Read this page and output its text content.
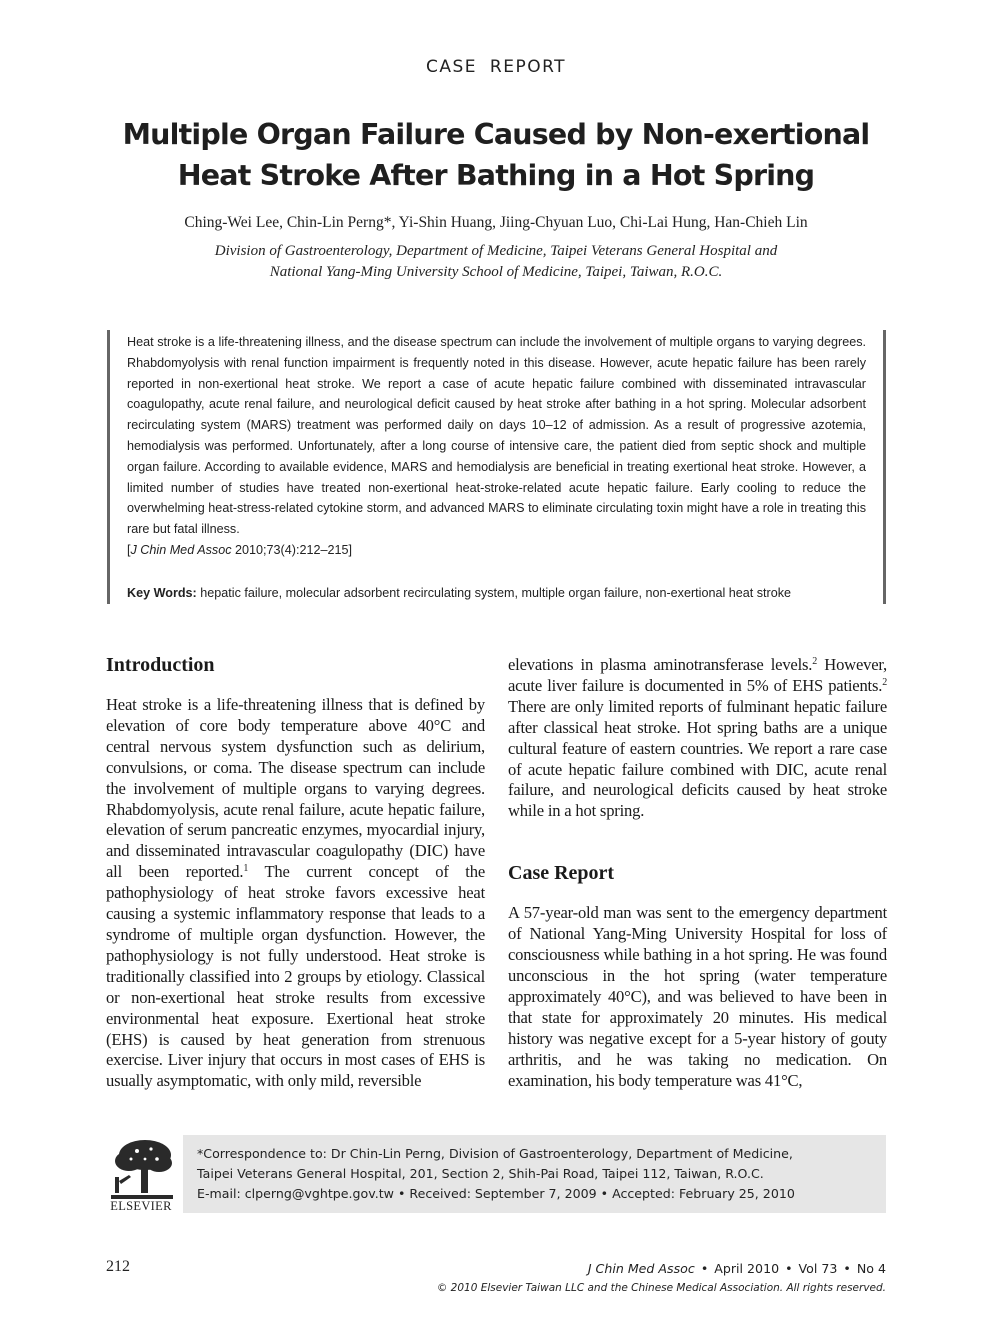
CASE REPORT
Multiple Organ Failure Caused by Non-exertional Heat Stroke After Bathing in a Hot Spring
Ching-Wei Lee, Chin-Lin Perng*, Yi-Shin Huang, Jiing-Chyuan Luo, Chi-Lai Hung, Han-Chieh Lin
Division of Gastroenterology, Department of Medicine, Taipei Veterans General Hospital and
National Yang-Ming University School of Medicine, Taipei, Taiwan, R.O.C.

Heat stroke is a life-threatening illness, and the disease spectrum can include the involvement of multiple organs to varying degrees. Rhabdomyolysis with renal function impairment is frequently noted in this disease. However, acute hepatic failure has been rarely reported in non-exertional heat stroke. We report a case of acute hepatic failure combined with disseminated intravascular coagulopathy, acute renal failure, and neurological deficit caused by heat stroke after bathing in a hot spring. Molecular adsorbent recirculating system (MARS) treatment was performed daily on days 10–12 of admission. As a result of progressive azotemia, hemodialysis was performed. Unfortunately, after a long course of intensive care, the patient died from septic shock and multiple organ failure. According to available evidence, MARS and hemodialysis are beneficial in treating exertional heat stroke. However, a limited number of studies have treated non-exertional heat-stroke-related acute hepatic failure. Early cooling to reduce the overwhelming heat-stress-related cytokine storm, and advanced MARS to eliminate circulating toxin might have a role in treating this rare but fatal illness.
[J Chin Med Assoc 2010;73(4):212–215]

Key Words: hepatic failure, molecular adsorbent recirculating system, multiple organ failure, non-exertional heat stroke
Introduction

Heat stroke is a life-threatening illness that is defined by elevation of core body temperature above 40°C and central nervous system dysfunction such as delirium, convulsions, or coma. The disease spectrum can include the involvement of multiple organs to varying degrees. Rhabdomyolysis, acute renal failure, acute hepatic failure, elevation of serum pancreatic enzymes, myocardial injury, and disseminated intravascular coagulopathy (DIC) have all been reported.$^1$ The current concept of the pathophysiology of heat stroke favors excessive heat causing a systemic inflammatory response that leads to a syndrome of multiple organ dysfunction. However, the pathophysiology is not fully understood. Heat stroke is traditionally classified into 2 groups by etiology. Classical or non-exertional heat stroke results from excessive environmental heat exposure. Exertional heat stroke (EHS) is caused by heat generation from strenuous exercise. Liver injury that occurs in most cases of EHS is usually asymptomatic, with only mild, reversible

elevations in plasma aminotransferase levels.$^2$ However, acute liver failure is documented in 5% of EHS patients.$^2$ There are only limited reports of fulminant hepatic failure after classical heat stroke. Hot spring baths are a unique cultural feature of eastern countries. We report a rare case of acute hepatic failure combined with DIC, acute renal failure, and neurological deficits caused by heat stroke while in a hot spring.

Case Report

A 57-year-old man was sent to the emergency department of National Yang-Ming University Hospital for loss of consciousness while bathing in a hot spring. He was found unconscious in the hot spring (water temperature approximately 40°C), and was believed to have been in that state for approximately 20 minutes. His medical history was negative except for a 5-year history of gouty arthritis, and he was taking no medication. On examination, his body temperature was 41°C,

ELSEVIER
*Correspondence to: Dr Chin-Lin Perng, Division of Gastroenterology, Department of Medicine,
Taipei Veterans General Hospital, 201, Section 2, Shih-Pai Road, Taipei 112, Taiwan, R.O.C.
E-mail: clperng@vghtpe.gov.tw • Received: September 7, 2009 • Accepted: February 25, 2010
212	J Chin Med Assoc • April 2010 • Vol 73 • No 4
© 2010 Elsevier Taiwan LLC and the Chinese Medical Association. All rights reserved.
